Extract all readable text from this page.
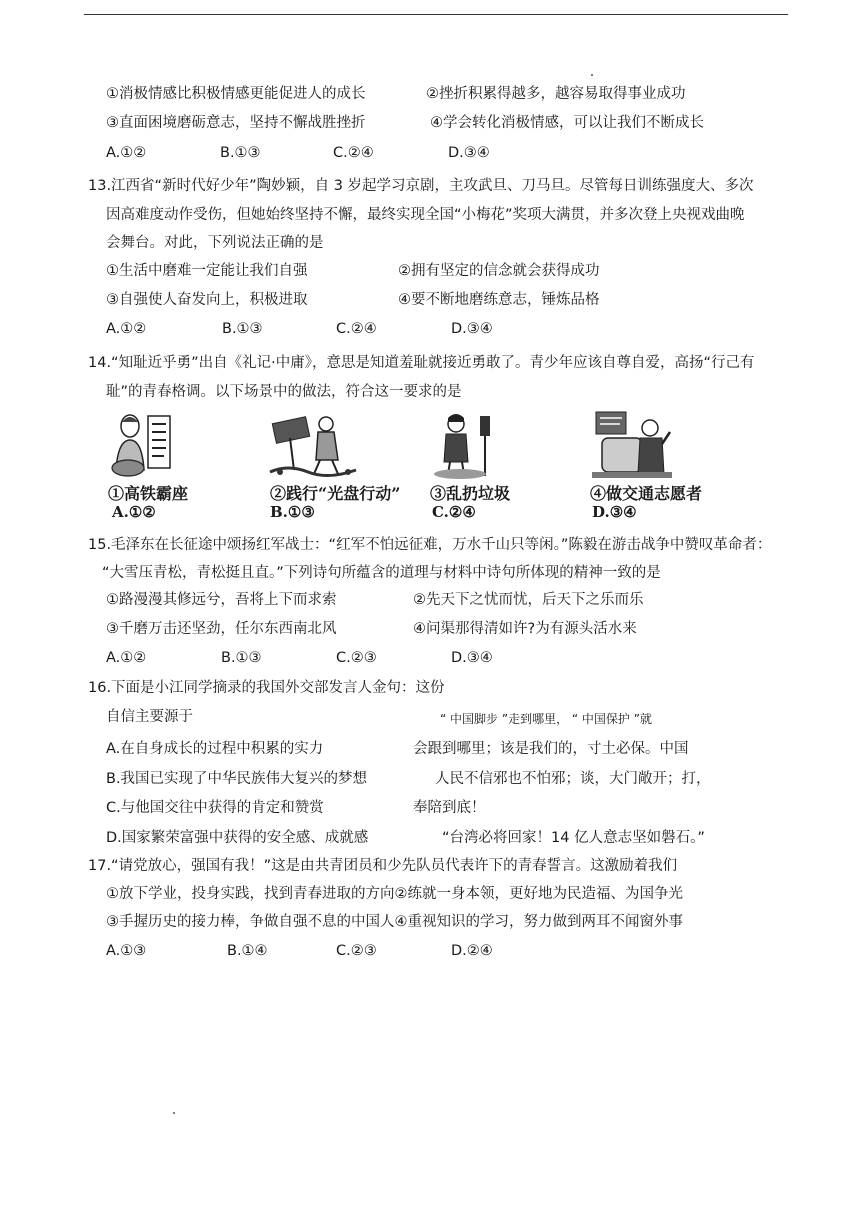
①消极情感比积极情感更能促进人的成长	②挫折积累得越多，越容易取得事业成功
③直面困境磨砺意志，坚持不懈战胜挫折	④学会转化消极情感，可以让我们不断成长
A.①②	B.①③	C.②④	D.③④
13.江西省“新时代好少年”陶妙颖，自 3 岁起学习京剧，主攻武旦、刀马旦。尽管每日训练强度大、多次
因高难度动作受伤，但她始终坚持不懈，最终实现全国“小梅花”奖项大满贯，并多次登上央视戏曲晚
会舞台。对此，下列说法正确的是
①生活中磨难一定能让我们自强	②拥有坚定的信念就会获得成功
③自强使人奋发向上，积极进取	④要不断地磨练意志，锤炼品格
A.①②	B.①③	C.②④	D.③④
14.“知耻近乎勇”出自《礼记·中庸》，意思是知道羞耻就接近勇敢了。青少年应该自尊自爱，高扬“行己有
耻”的青春格调。以下场景中的做法，符合这一要求的是
①高铁霸座	②践行“光盘行动” ③乱扔垃圾	④做交通志愿者
A.①②	B.①③	C.②④	D.③④
15.毛泽东在长征途中颂扬红军战士：“红军不怕远征难，万水千山只等闲。”陈毅在游击战争中赞叹革命者：
“大雪压青松，青松挺且直。”下列诗句所蕴含的道理与材料中诗句所体现的精神一致的是
①路漫漫其修远兮，吾将上下而求索	②先天下之忧而忧，后天下之乐而乐
③千磨万击还坚劲，任尔东西南北风	④问渠那得清如许?为有源头活水来
A.①②	B.①③	C.②③	D.③④
16.下面是小江同学摘录的我国外交部发言人金句：这份
自信主要源于	“ 中国脚步 ”走到哪里， “ 中国保护 ”就
A.在自身成长的过程中积累的实力	会跟到哪里；该是我们的，寸土必保。中国
B.我国已实现了中华民族伟大复兴的梦想	人民不信邪也不怕邪；谈，大门敞开；打，
C.与他国交往中获得的肯定和赞赏	奉陪到底！
D.国家繁荣富强中获得的安全感、成就感	“台湾必将回家！14 亿人意志坚如磐石。”
17.“请党放心，强国有我！”这是由共青团员和少先队员代表许下的青春誓言。这激励着我们
①放下学业，投身实践，找到青春进取的方向②练就一身本领，更好地为民造福、为国争光
③手握历史的接力棒，争做自强不息的中国人④重视知识的学习，努力做到两耳不闻窗外事
A.①③	B.①④	C.②③	D.②④
